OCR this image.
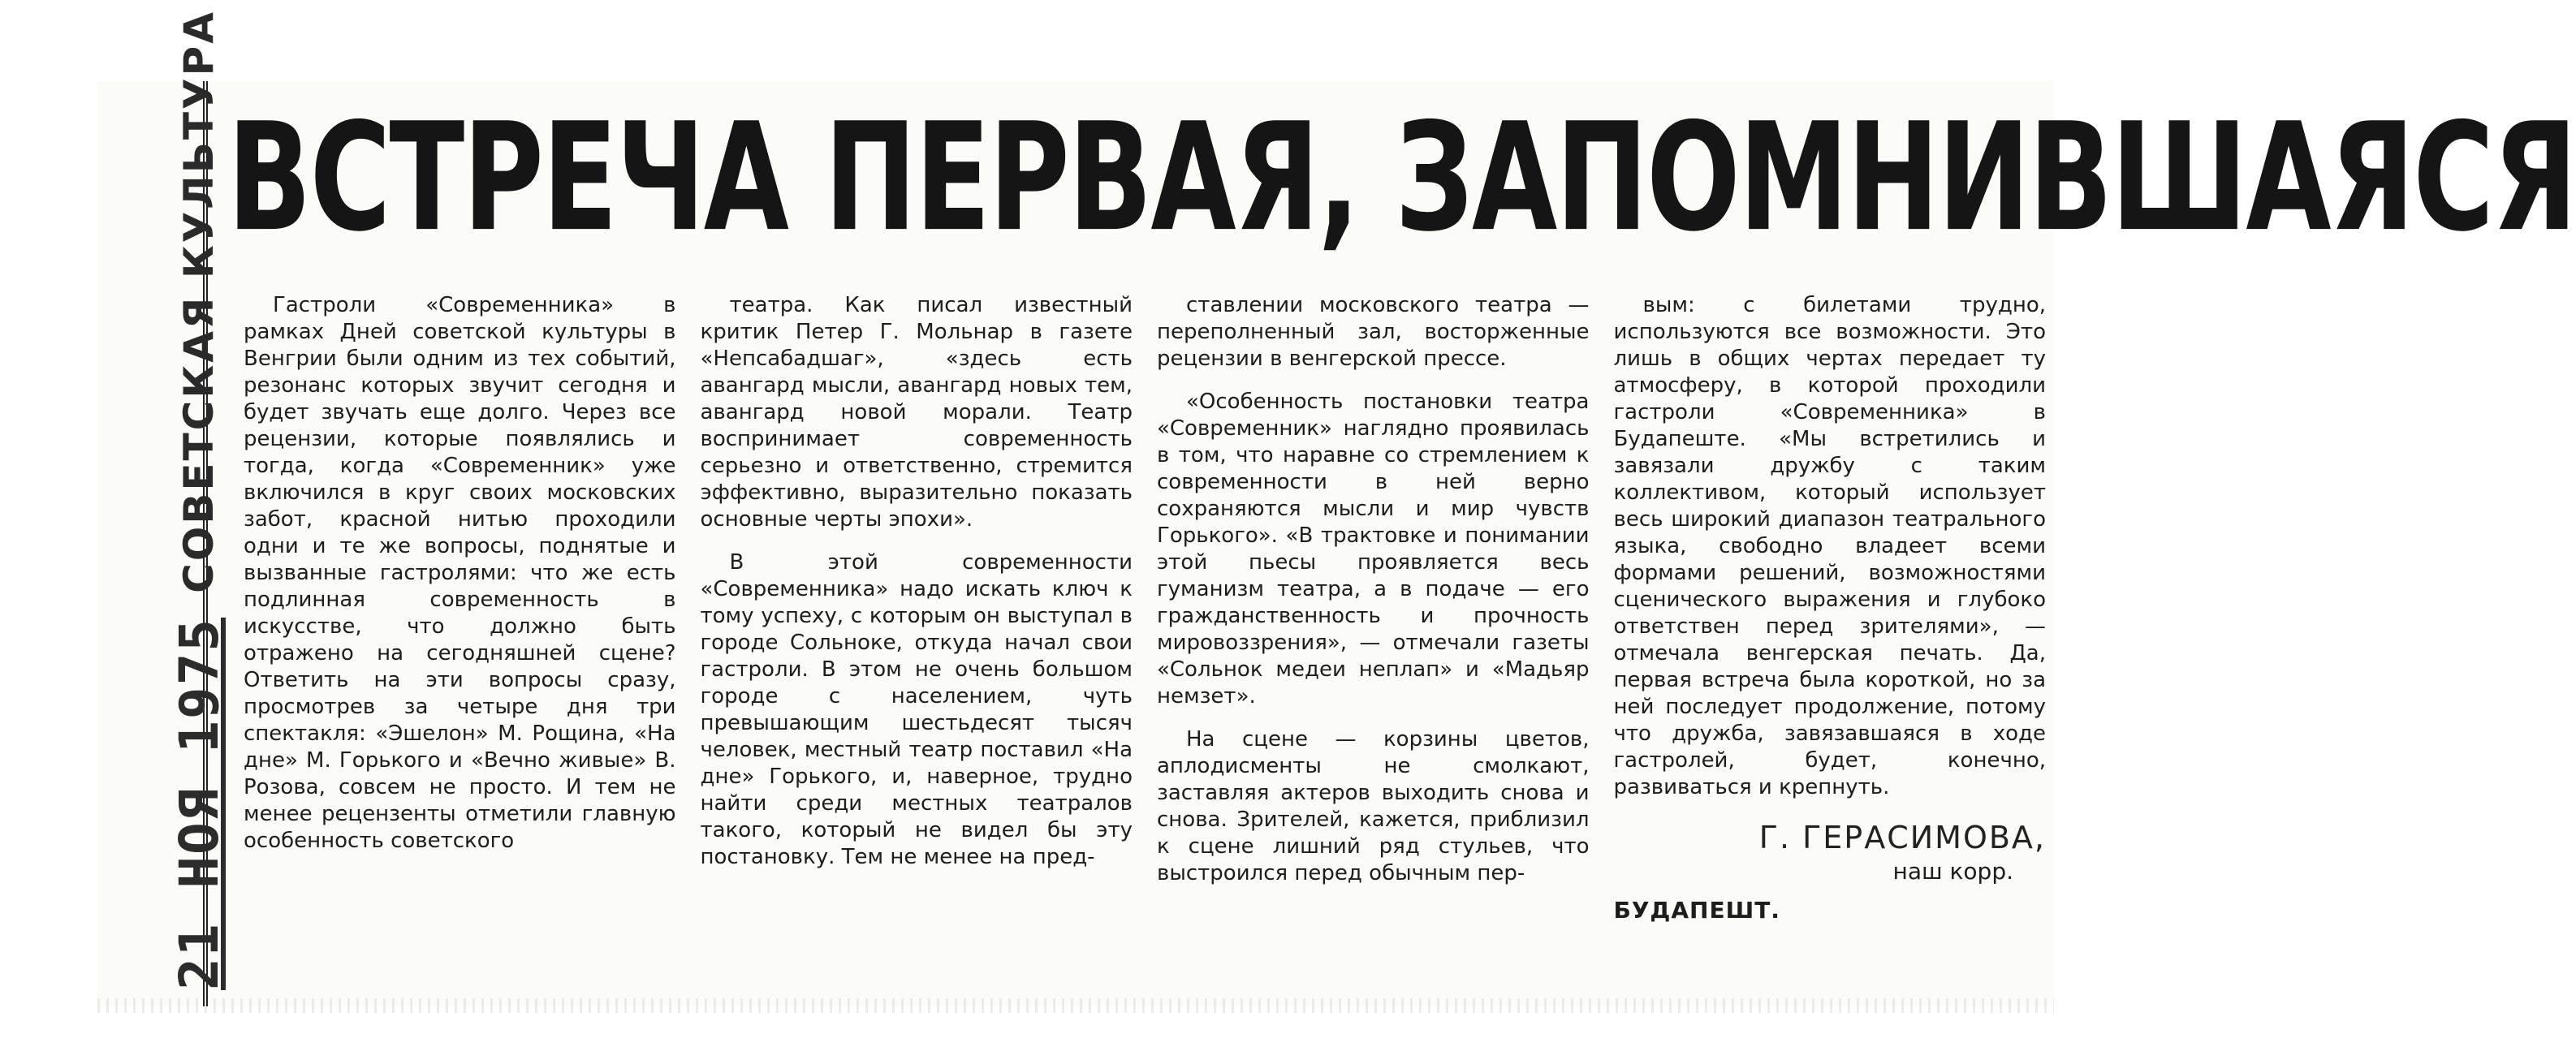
21 НОЯ 1975
СОВЕТСКАЯ КУЛЬТУРА ВСТРЕЧА ПЕРВАЯ, ЗАПОМНИВШАЯСЯ

Гастроли «Современника» в рамках Дней советской культуры в Венгрии были одним из тех событий, резонанс которых звучит сегодня и будет звучать еще долго. Через все рецензии, которые появлялись и тогда, когда «Современник» уже включился в круг своих московских забот, красной нитью проходили одни и те же вопросы, поднятые и вызванные гастролями: что же есть подлинная современность в искусстве, что должно быть отражено на сегодняшней сцене? Ответить на эти вопросы сразу, просмотрев за четыре дня три спектакля: «Эшелон» М. Рощина, «На дне» М. Горького и «Вечно живые» В. Розова, совсем не просто. И тем не менее рецензенты отметили главную особенность советского

театра. Как писал известный критик Петер Г. Мольнар в газете «Непсабадшаг», «здесь есть авангард мысли, авангард новых тем, авангард новой морали. Театр воспринимает современность серьезно и ответственно, стремится эффективно, выразительно показать основные черты эпохи».

В этой современности «Современника» надо искать ключ к тому успеху, с которым он выступал в городе Сольноке, откуда начал свои гастроли. В этом не очень большом городе с населением, чуть превышающим шестьдесят тысяч человек, местный театр поставил «На дне» Горького, и, наверное, трудно найти среди местных театралов такого, который не видел бы эту постановку. Тем не менее на пред-

ставлении московского театра — переполненный зал, восторженные рецензии в венгерской прессе.

«Особенность постановки театра «Современник» наглядно проявилась в том, что наравне со стремлением к современности в ней верно сохраняются мысли и мир чувств Горького». «В трактовке и понимании этой пьесы проявляется весь гуманизм театра, а в подаче — его гражданственность и прочность мировоззрения», — отмечали газеты «Сольнок медеи неплап» и «Мадьяр немзет».

На сцене — корзины цветов, аплодисменты не смолкают, заставляя актеров выходить снова и снова. Зрителей, кажется, приблизил к сцене лишний ряд стульев, что выстроился перед обычным пер-

вым: с билетами трудно, используются все возможности. Это лишь в общих чертах передает ту атмосферу, в которой проходили гастроли «Современника» в Будапеште. «Мы встретились и завязали дружбу с таким коллективом, который использует весь широкий диапазон театрального языка, свободно владеет всеми формами решений, возможностями сценического выражения и глубоко ответствен перед зрителями», — отмечала венгерская печать. Да, первая встреча была короткой, но за ней последует продолжение, потому что дружба, завязавшаяся в ходе гастролей, будет, конечно, развиваться и крепнуть.

Г. ГЕРАСИМОВА,
наш корр.
БУДАПЕШТ.
